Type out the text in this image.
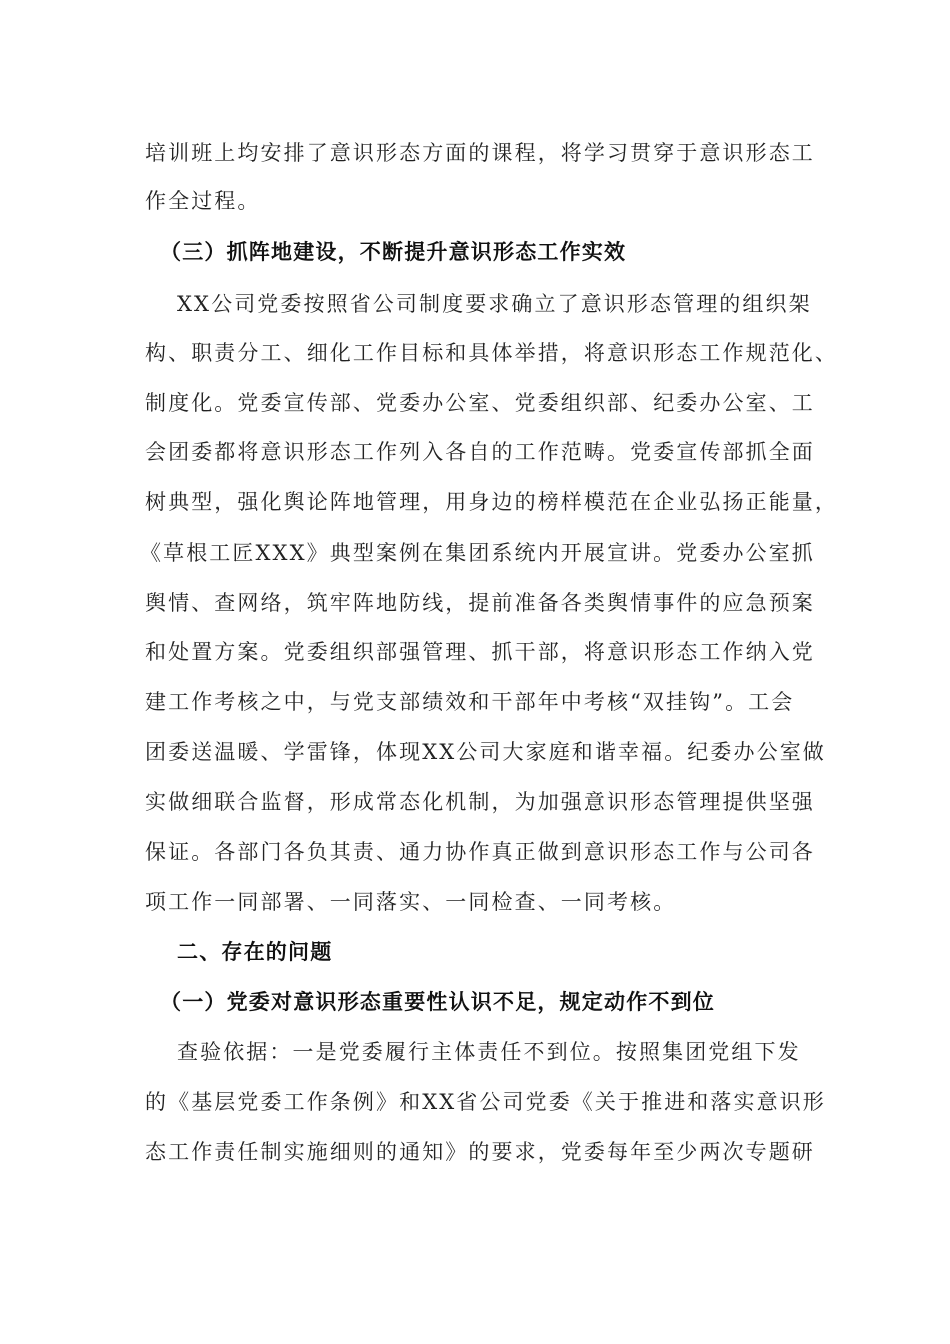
培训班上均安排了意识形态方面的课程，将学习贯穿于意识形态工
作全过程。
（三）抓阵地建设，不断提升意识形态工作实效
XX公司党委按照省公司制度要求确立了意识形态管理的组织架
构、职责分工、细化工作目标和具体举措，将意识形态工作规范化、
制度化。党委宣传部、党委办公室、党委组织部、纪委办公室、工
会团委都将意识形态工作列入各自的工作范畴。党委宣传部抓全面
树典型，强化舆论阵地管理，用身边的榜样模范在企业弘扬正能量，
《草根工匠XXX》典型案例在集团系统内开展宣讲。党委办公室抓
舆情、查网络，筑牢阵地防线，提前准备各类舆情事件的应急预案
和处置方案。党委组织部强管理、抓干部，将意识形态工作纳入党
建工作考核之中，与党支部绩效和干部年中考核“双挂钩”。工会
团委送温暖、学雷锋，体现XX公司大家庭和谐幸福。纪委办公室做
实做细联合监督，形成常态化机制，为加强意识形态管理提供坚强
保证。各部门各负其责、通力协作真正做到意识形态工作与公司各
项工作一同部署、一同落实、一同检查、一同考核。
二、存在的问题
（一）党委对意识形态重要性认识不足，规定动作不到位
查验依据：一是党委履行主体责任不到位。按照集团党组下发
的《基层党委工作条例》和XX省公司党委《关于推进和落实意识形
态工作责任制实施细则的通知》的要求，党委每年至少两次专题研
